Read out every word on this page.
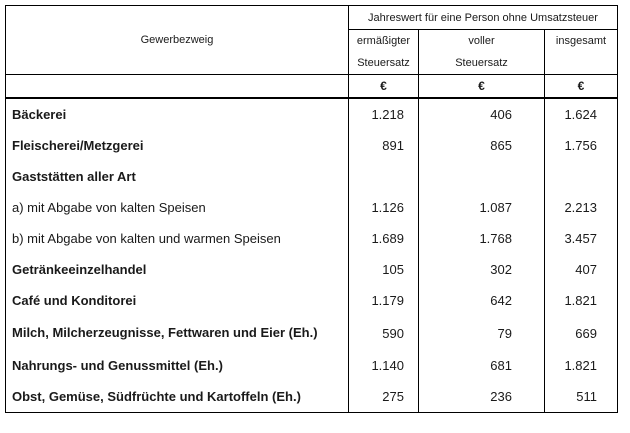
Gewerbezweig	Jahreswert für eine Person ohne Umsatzsteuer		
	ermäßigter	voller	insgesamt
	Steuersatz	Steuersatz	
	€	€	€
Bäckerei	1.218	406	1.624
Fleischerei/Metzgerei	891	865	1.756
Gaststätten aller Art			
a) mit Abgabe von kalten Speisen	1.126	1.087	2.213
b) mit Abgabe von kalten und warmen Speisen	1.689	1.768	3.457
Getränkeeinzelhandel	105	302	407
Café und Konditorei	1.179	642	1.821
Milch, Milcherzeugnisse, Fettwaren und Eier (Eh.)	590	79	669
Nahrungs- und Genussmittel (Eh.)	1.140	681	1.821
Obst, Gemüse, Südfrüchte und Kartoffeln (Eh.)	275	236	511
